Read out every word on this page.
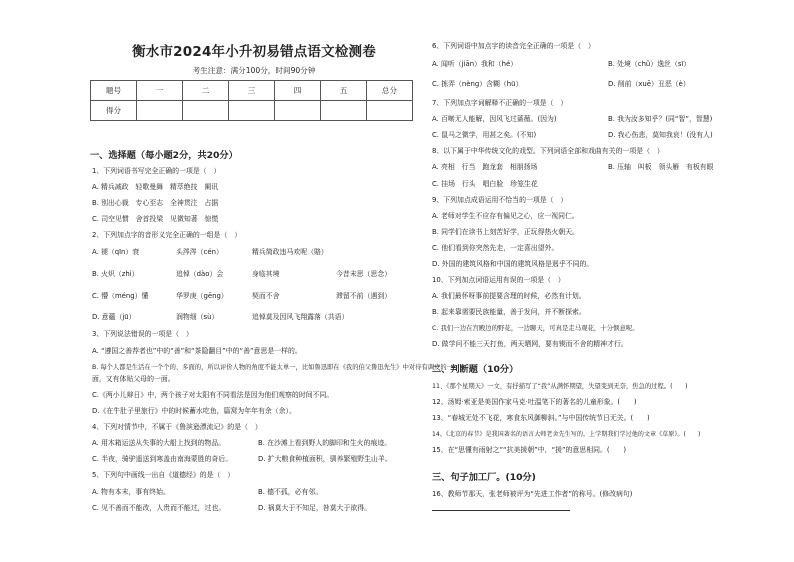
衡水市2024年小升初易错点语文检测卷
考生注意：满分100分，时间90分钟
题号	一	二	三	四	五	总分
得分						
一、选择题（每小题2分，共20分）
1、下列词语书写完全正确的一项是（　）
A. 精兵减政　轻歌曼舞　精萃绝技　阑讯
B. 别出心裁　专心至志　全神贯注　占据
C. 司空见惯　舍首投梁　见微知著　惊慌
2、下列加点字的音形义完全正确的一组是（　）
A. 褪（qīn）衰	头涔涔（cén）	精兵简政违马欢呢（賂）
B. 火炽（zhì）	追悼（dào）会	身临其境	今昔未思（思念）
C. 懵（méng）懂	华罗庚（gēng）	契而不舍	滞留不前（遇到）
D. 意蘊（jū）	润物细（sù）	追悼莫及因风飞翔露落（共语）
3、下列说法错误的一项是（　）
A. “遵国之善荐者也”中的“善”和“茶隐翻目”中的“善”意思是一样的。
B. 每个人都是生活在一个个的、多面的，所以评价人物的角度不能太单一，比如鲁迅即在《我的伯父鲁迅先生》中对待有调皮的一
面，又有体贴父母的一面。
C.《两小儿辩日》中，两个孩子对太阳有不同看法是因为他们观察的时间不同。
D.《在牛肚子里旅行》中的时候蓄水吃鱼，篇窝为年年有余（余）。
4、下列对情节中，不属于《鲁滨逊漂流记》的是（　）
A. 用木箱运送从失事的大船上找到的物品。	B. 在沙滩上看到野人的脚印和生火的痕迹。
C. 半夜，骑驴遥送到寒盖由南海蒙胜的奇后。	D. 扩大粮食种植面积，驯养繁殖野生山羊。
5、下列句中画线一出自《道德经》的是（　）
A. 物有本末，事有终始。	B. 德不孤，必有邻。
C. 见不善而不能改，人贵而不能过，过也。	D. 祸莫大于不知足，咎莫大于欲得。
6、下列词语中加点字的读音完全正确的一项是（　）
A. 闻听（jiān）我和（hé）	B. 处境（chǔ）逸丝（sī）
C. 拣弄（nèng）含糊（hū）	D. 削前（xuē）丑恶（è）
7、下列加点字词解释不正确的一项是（　）
A. 百啭无人能解，因风飞过蔷薇。(因为)	B. 我为汝多知乎？(同“智”，智慧)
C. 鼠马之微学，用甚之矣。(不知)	D. 我心伤悲，莫知我哀！(没有人)
8、以下属于中华传统文化的戏型。下列词语全部和戏曲有关的一项是（　）
A. 亮相　行当　跑龙套　相朋扬场	B. 压轴　叫板　领头雁　有板有眼
C. 挂场　行头　唱白脸　珍笼生花
9、下列加点成语运用不恰当的一项是（　）
A. 老师对学生不应存有偏见之心，应一视同仁。
B. 同学们在读书上刻苦好学，正玩得热火朝天。
C. 他们看到你突然先走，一定喜出望外。
D. 外国的建筑风格和中国的建筑风格是迥乎不同的。
10、下列加点词语运用有误的一项是（　）
A. 我们最怀呀事前提要含理的时候，必然有计划。
B. 起来靠需要民族能量，善于发问，并不断探索。
C. 我们一边在宫殿边的野花，一边聊天，可真是走马观花，十分惬意呢。
D. 做学问不能三天打鱼，两天晒网，要有锲而不舍的精神才行。
二、判断题（10分）
11、《那个星期天》一文，有抒描写了“我”从满怀期望，失望变到无奈，焦急的过程。(　　)
12、汤姆·索亚是美国作家马克·吐温笔下的著名的儿童形象。(　　)
13、“春城无处不飞花，寒食东风御柳斜。”与中国传统节日无关。(　　)
14、《北京的春节》是我国著名的语言大师老舍先生写的，上学期我们学过他的文章《草原》。(　　)
15、在“思懂有雨射之”“抗美援朝”中，“援”的意思相同。(　　)
三、句子加工厂。(10分)
16、教师节那天，张老师被评为“先进工作者”的称号。(修改病句)
